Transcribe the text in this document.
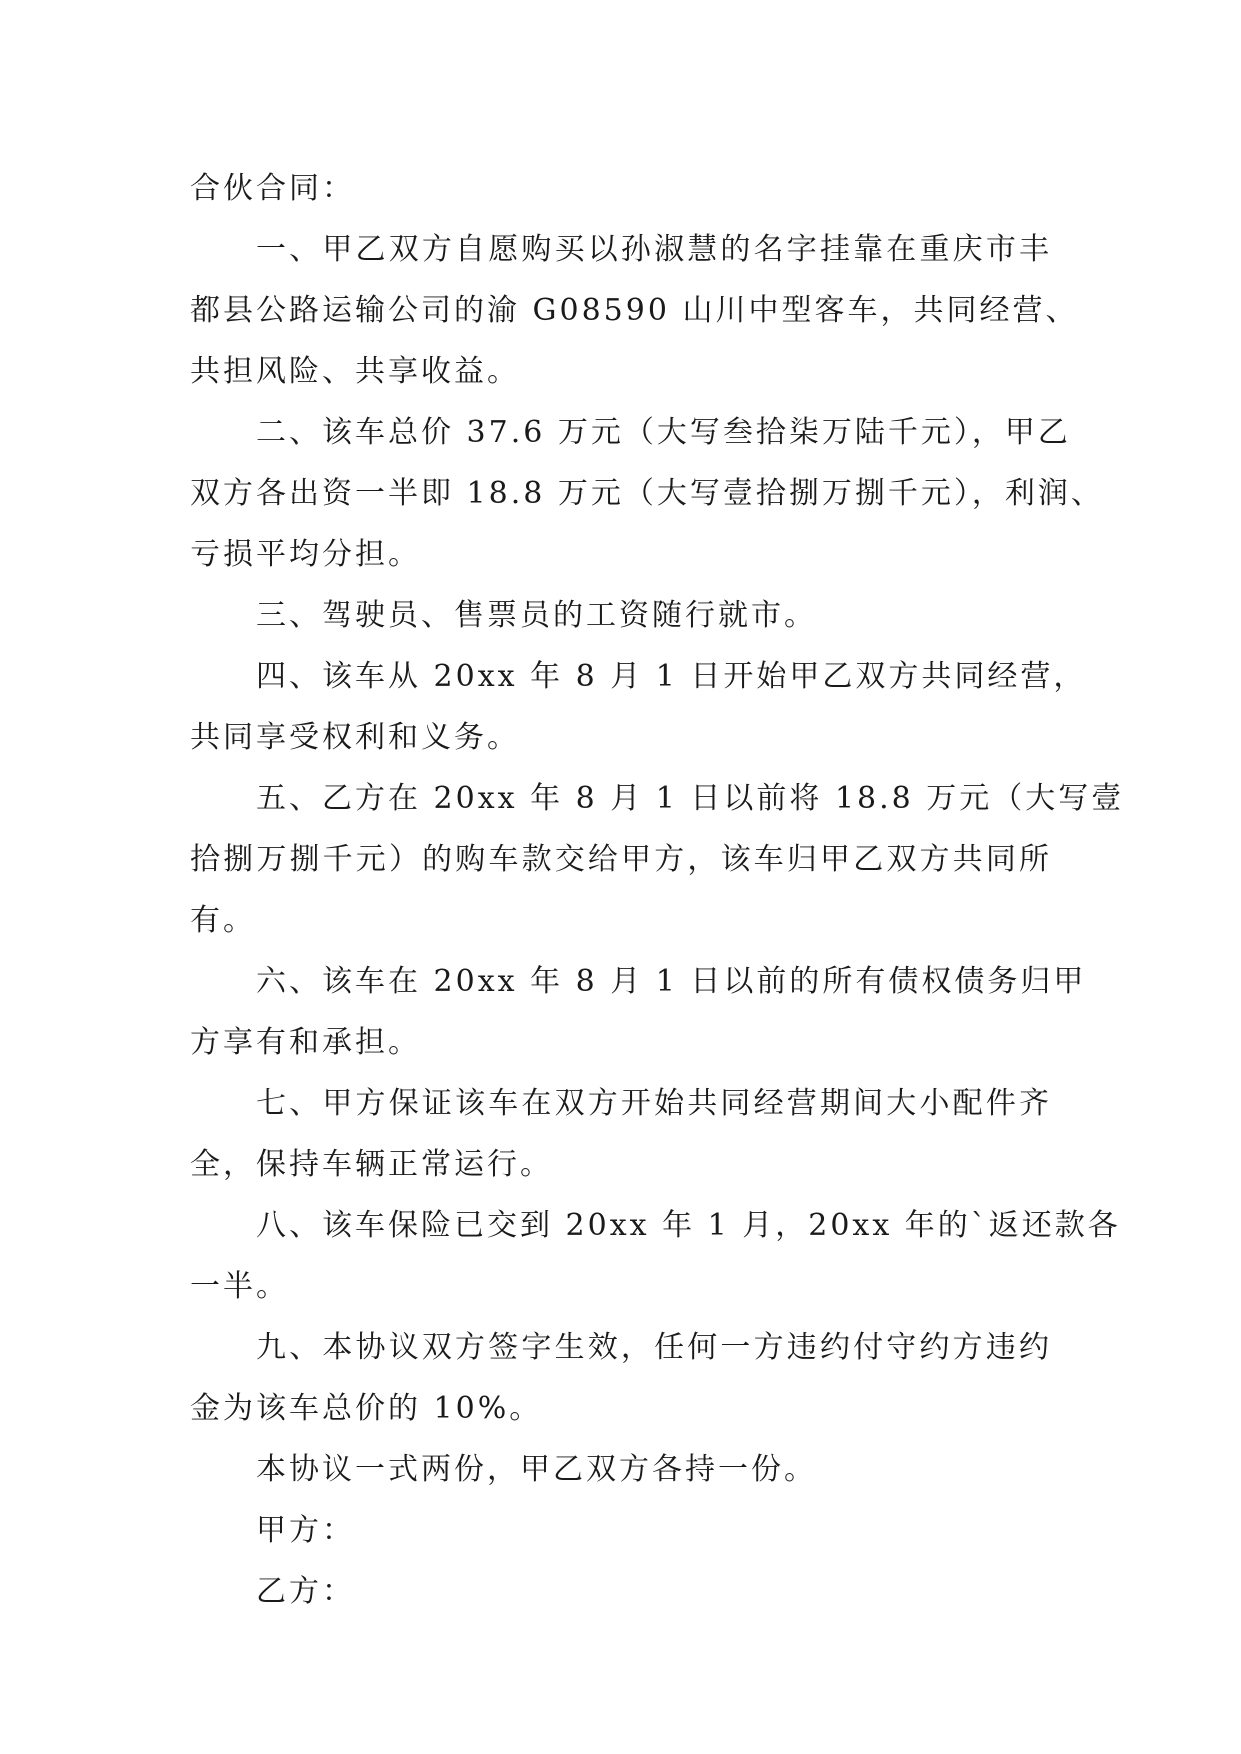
合伙合同：
一、甲乙双方自愿购买以孙淑慧的名字挂靠在重庆市丰
都县公路运输公司的渝 G08590 山川中型客车，共同经营、
共担风险、共享收益。
二、该车总价 37.6 万元（大写叁拾柒万陆千元），甲乙
双方各出资一半即 18.8 万元（大写壹拾捌万捌千元），利润、
亏损平均分担。
三、驾驶员、售票员的工资随行就市。
四、该车从 20xx 年 8 月 1 日开始甲乙双方共同经营，
共同享受权利和义务。
五、乙方在 20xx 年 8 月 1 日以前将 18.8 万元（大写壹
拾捌万捌千元）的购车款交给甲方，该车归甲乙双方共同所
有。
六、该车在 20xx 年 8 月 1 日以前的所有债权债务归甲
方享有和承担。
七、甲方保证该车在双方开始共同经营期间大小配件齐
全，保持车辆正常运行。
八、该车保险已交到 20xx 年 1 月，20xx 年的`返还款各
一半。
九、本协议双方签字生效，任何一方违约付守约方违约
金为该车总价的 10%。
本协议一式两份，甲乙双方各持一份。
甲方：
乙方：
